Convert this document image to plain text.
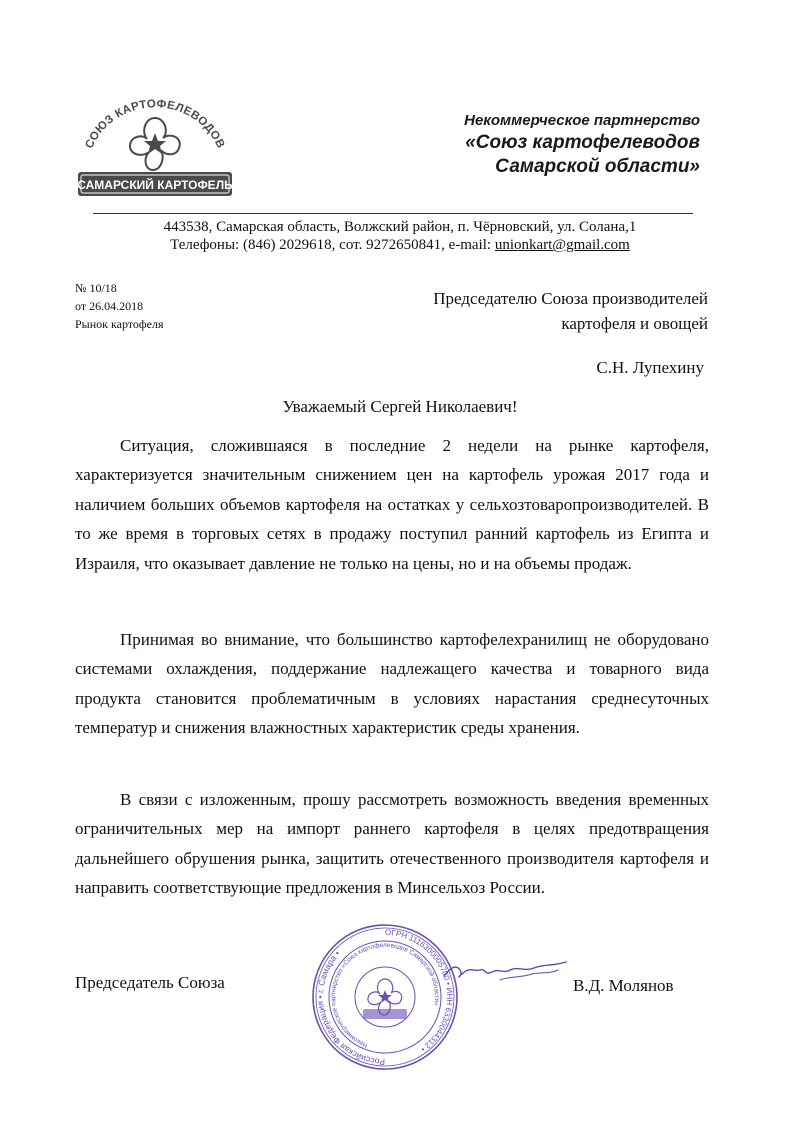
СОЮЗ КАРТОФЕЛЕВОДОВ
САМАРСКИЙ КАРТОФЕЛЬ
Некоммерческое партнерство
«Союз картофелеводов
Самарской области»
443538, Самарская область, Волжский район, п. Чёрновский, ул. Солана,1
Телефоны: (846) 2029618, сот. 9272650841, e-mail: unionkart@gmail.com
№ 10/18
от 26.04.2018
Рынок картофеля
Председателю Союза производителей
картофеля и овощей
С.Н. Лупехину
Уважаемый Сергей Николаевич!

Ситуация, сложившаяся в последние 2 недели на рынке картофеля, характеризуется значительным снижением цен на картофель урожая 2017 года и наличием больших объемов картофеля на остатках у сельхозтоваропроизводителей. В то же время в торговых сетях в продажу поступил ранний картофель из Египта и Израиля, что оказывает давление не только на цены, но и на объемы продаж.

Принимая во внимание, что большинство картофелехранилищ не оборудовано системами охлаждения, поддержание надлежащего качества и товарного вида продукта становится проблематичным в условиях нарастания среднесуточных температур и снижения влажностных характеристик среды хранения.

В связи с изложенным, прошу рассмотреть возможность введения временных ограничительных мер на импорт раннего картофеля в целях предотвращения дальнейшего обрушения рынка, защитить отечественного производителя картофеля и направить соответствующие предложения в Минсельхоз России.

Российская Федерация • г. Самара •
Некоммерческое партнерство «Союз картофелеводов Самарской области»
ОГРН 1116300005700 • ИНН 6330044312 •
Председатель Союза	В.Д. Молянов
